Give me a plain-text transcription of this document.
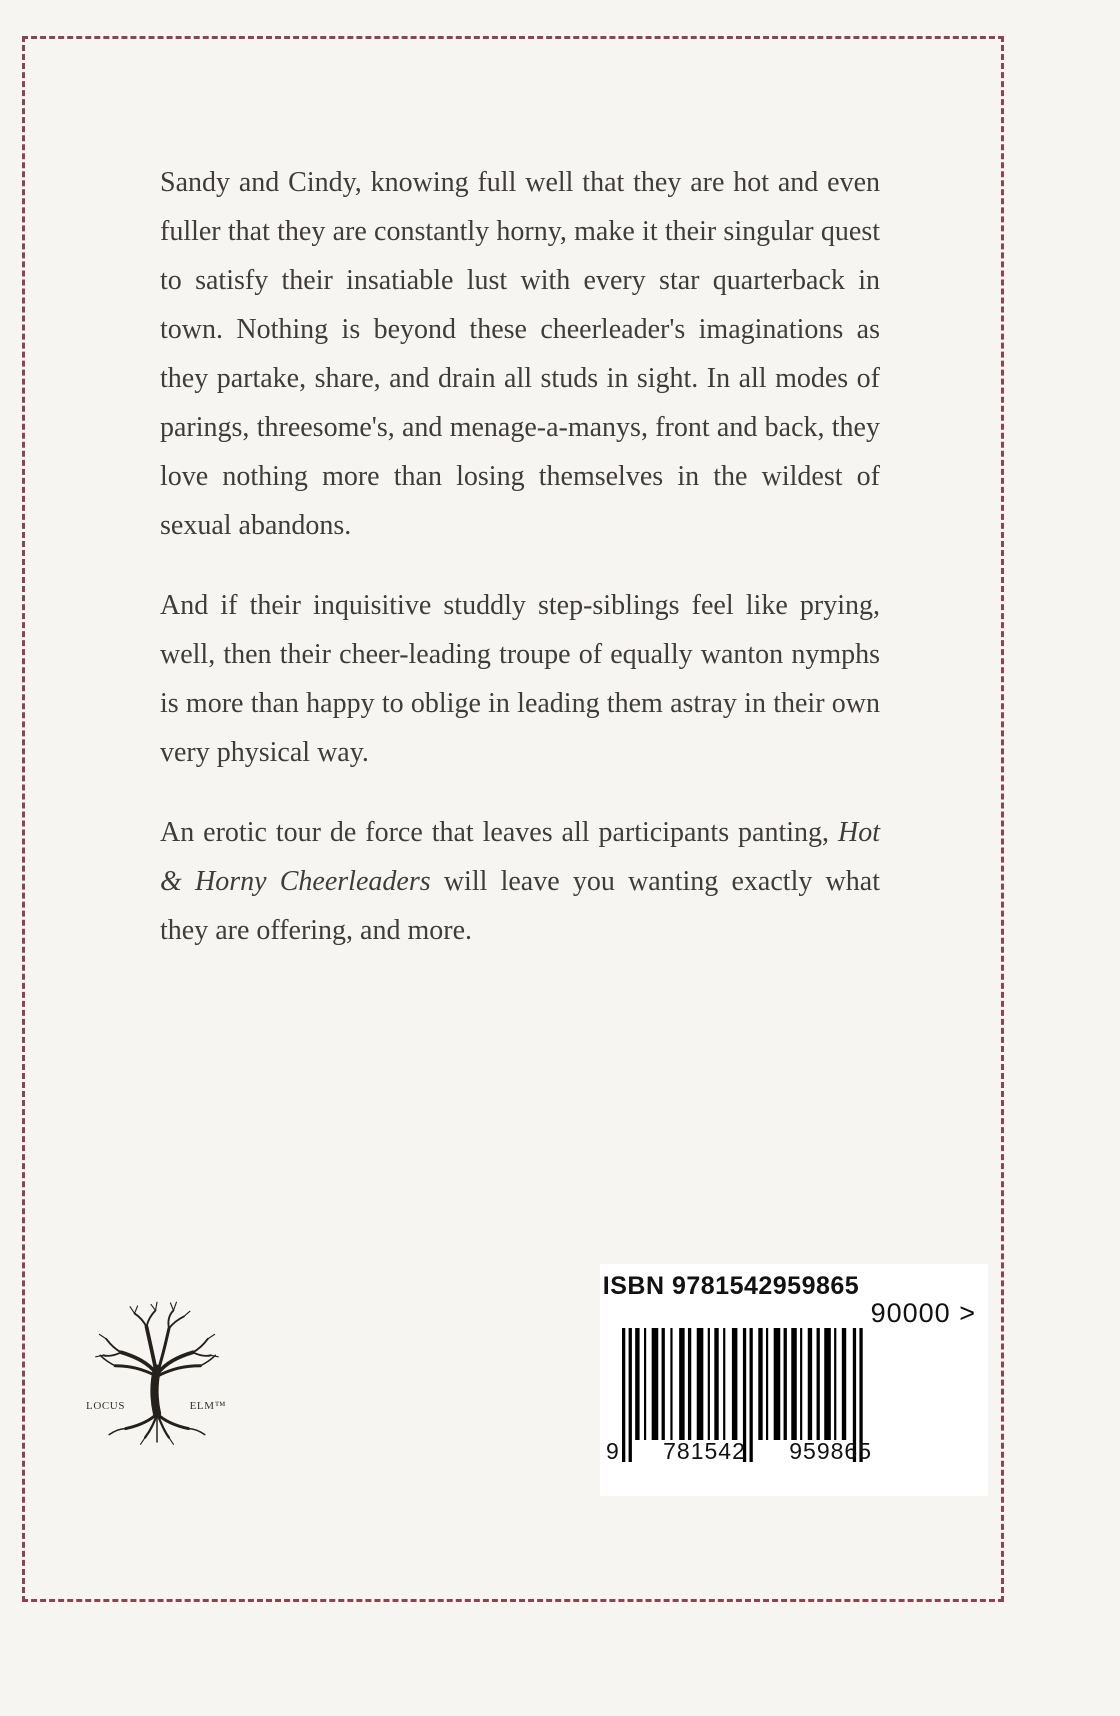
Sandy and Cindy, knowing full well that they are hot and even fuller that they are constantly horny, make it their singular quest to satisfy their insatiable lust with every star quarterback in town. Nothing is beyond these cheerleader's imaginations as they partake, share, and drain all studs in sight. In all modes of parings, threesome's, and menage-a-manys, front and back, they love nothing more than losing themselves in the wildest of sexual abandons.

And if their inquisitive studdly step-siblings feel like prying, well, then their cheer-leading troupe of equally wanton nymphs is more than happy to oblige in leading them astray in their own very physical way.

An erotic tour de force that leaves all participants panting, Hot & Horny Cheerleaders will leave you wanting exactly what they are offering, and more.

LOCUS	ELM™
ISBN 9781542959865
90000 >
9 781542 959865
